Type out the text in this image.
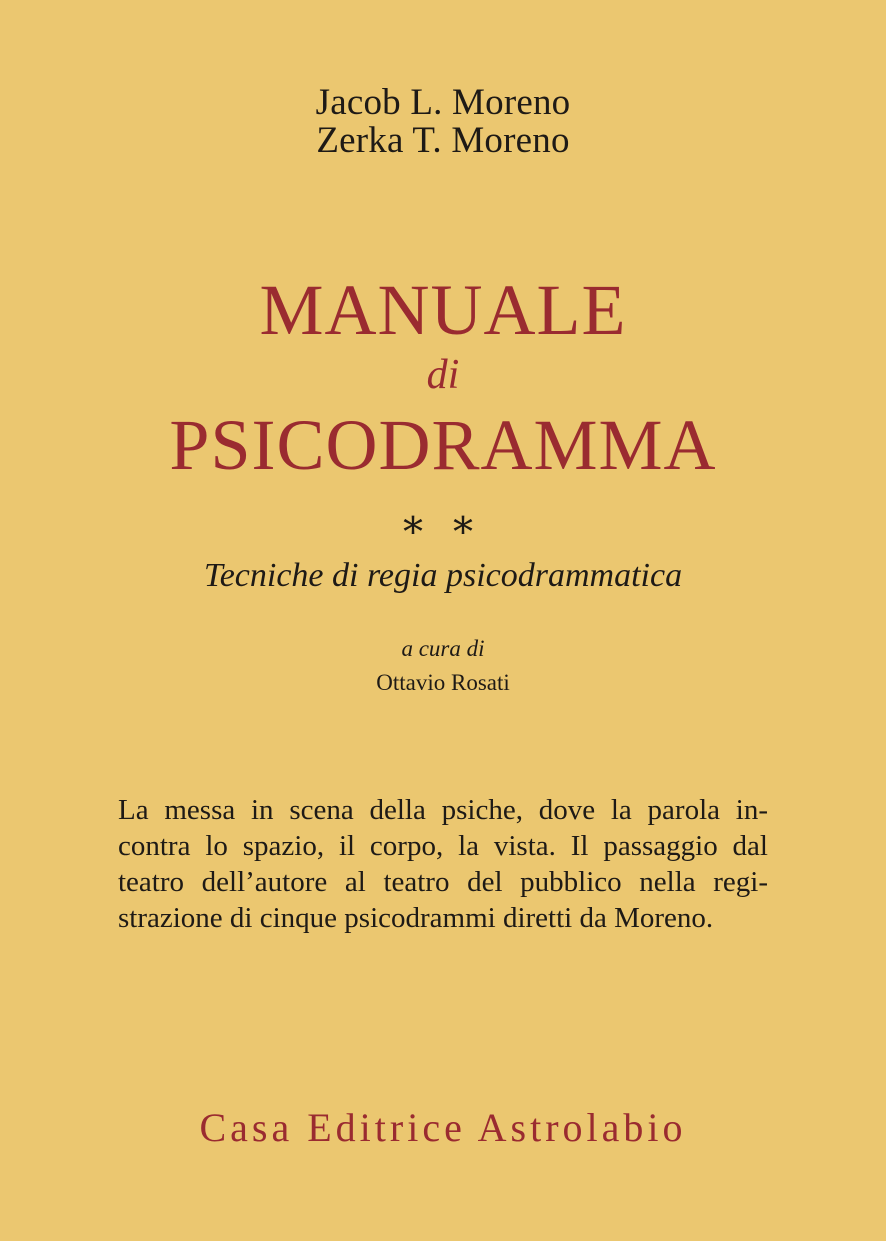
Jacob L. Moreno
Zerka T. Moreno
MANUALE
di
PSICODRAMMA
⁎ ⁎
Tecniche di regia psicodrammatica
a cura di
Ottavio Rosati
La messa in scena della psiche, dove la parola in-
contra lo spazio, il corpo, la vista. Il passaggio dal
teatro dell’autore al teatro del pubblico nella regi-
strazione di cinque psicodrammi diretti da Moreno.
Casa Editrice Astrolabio
